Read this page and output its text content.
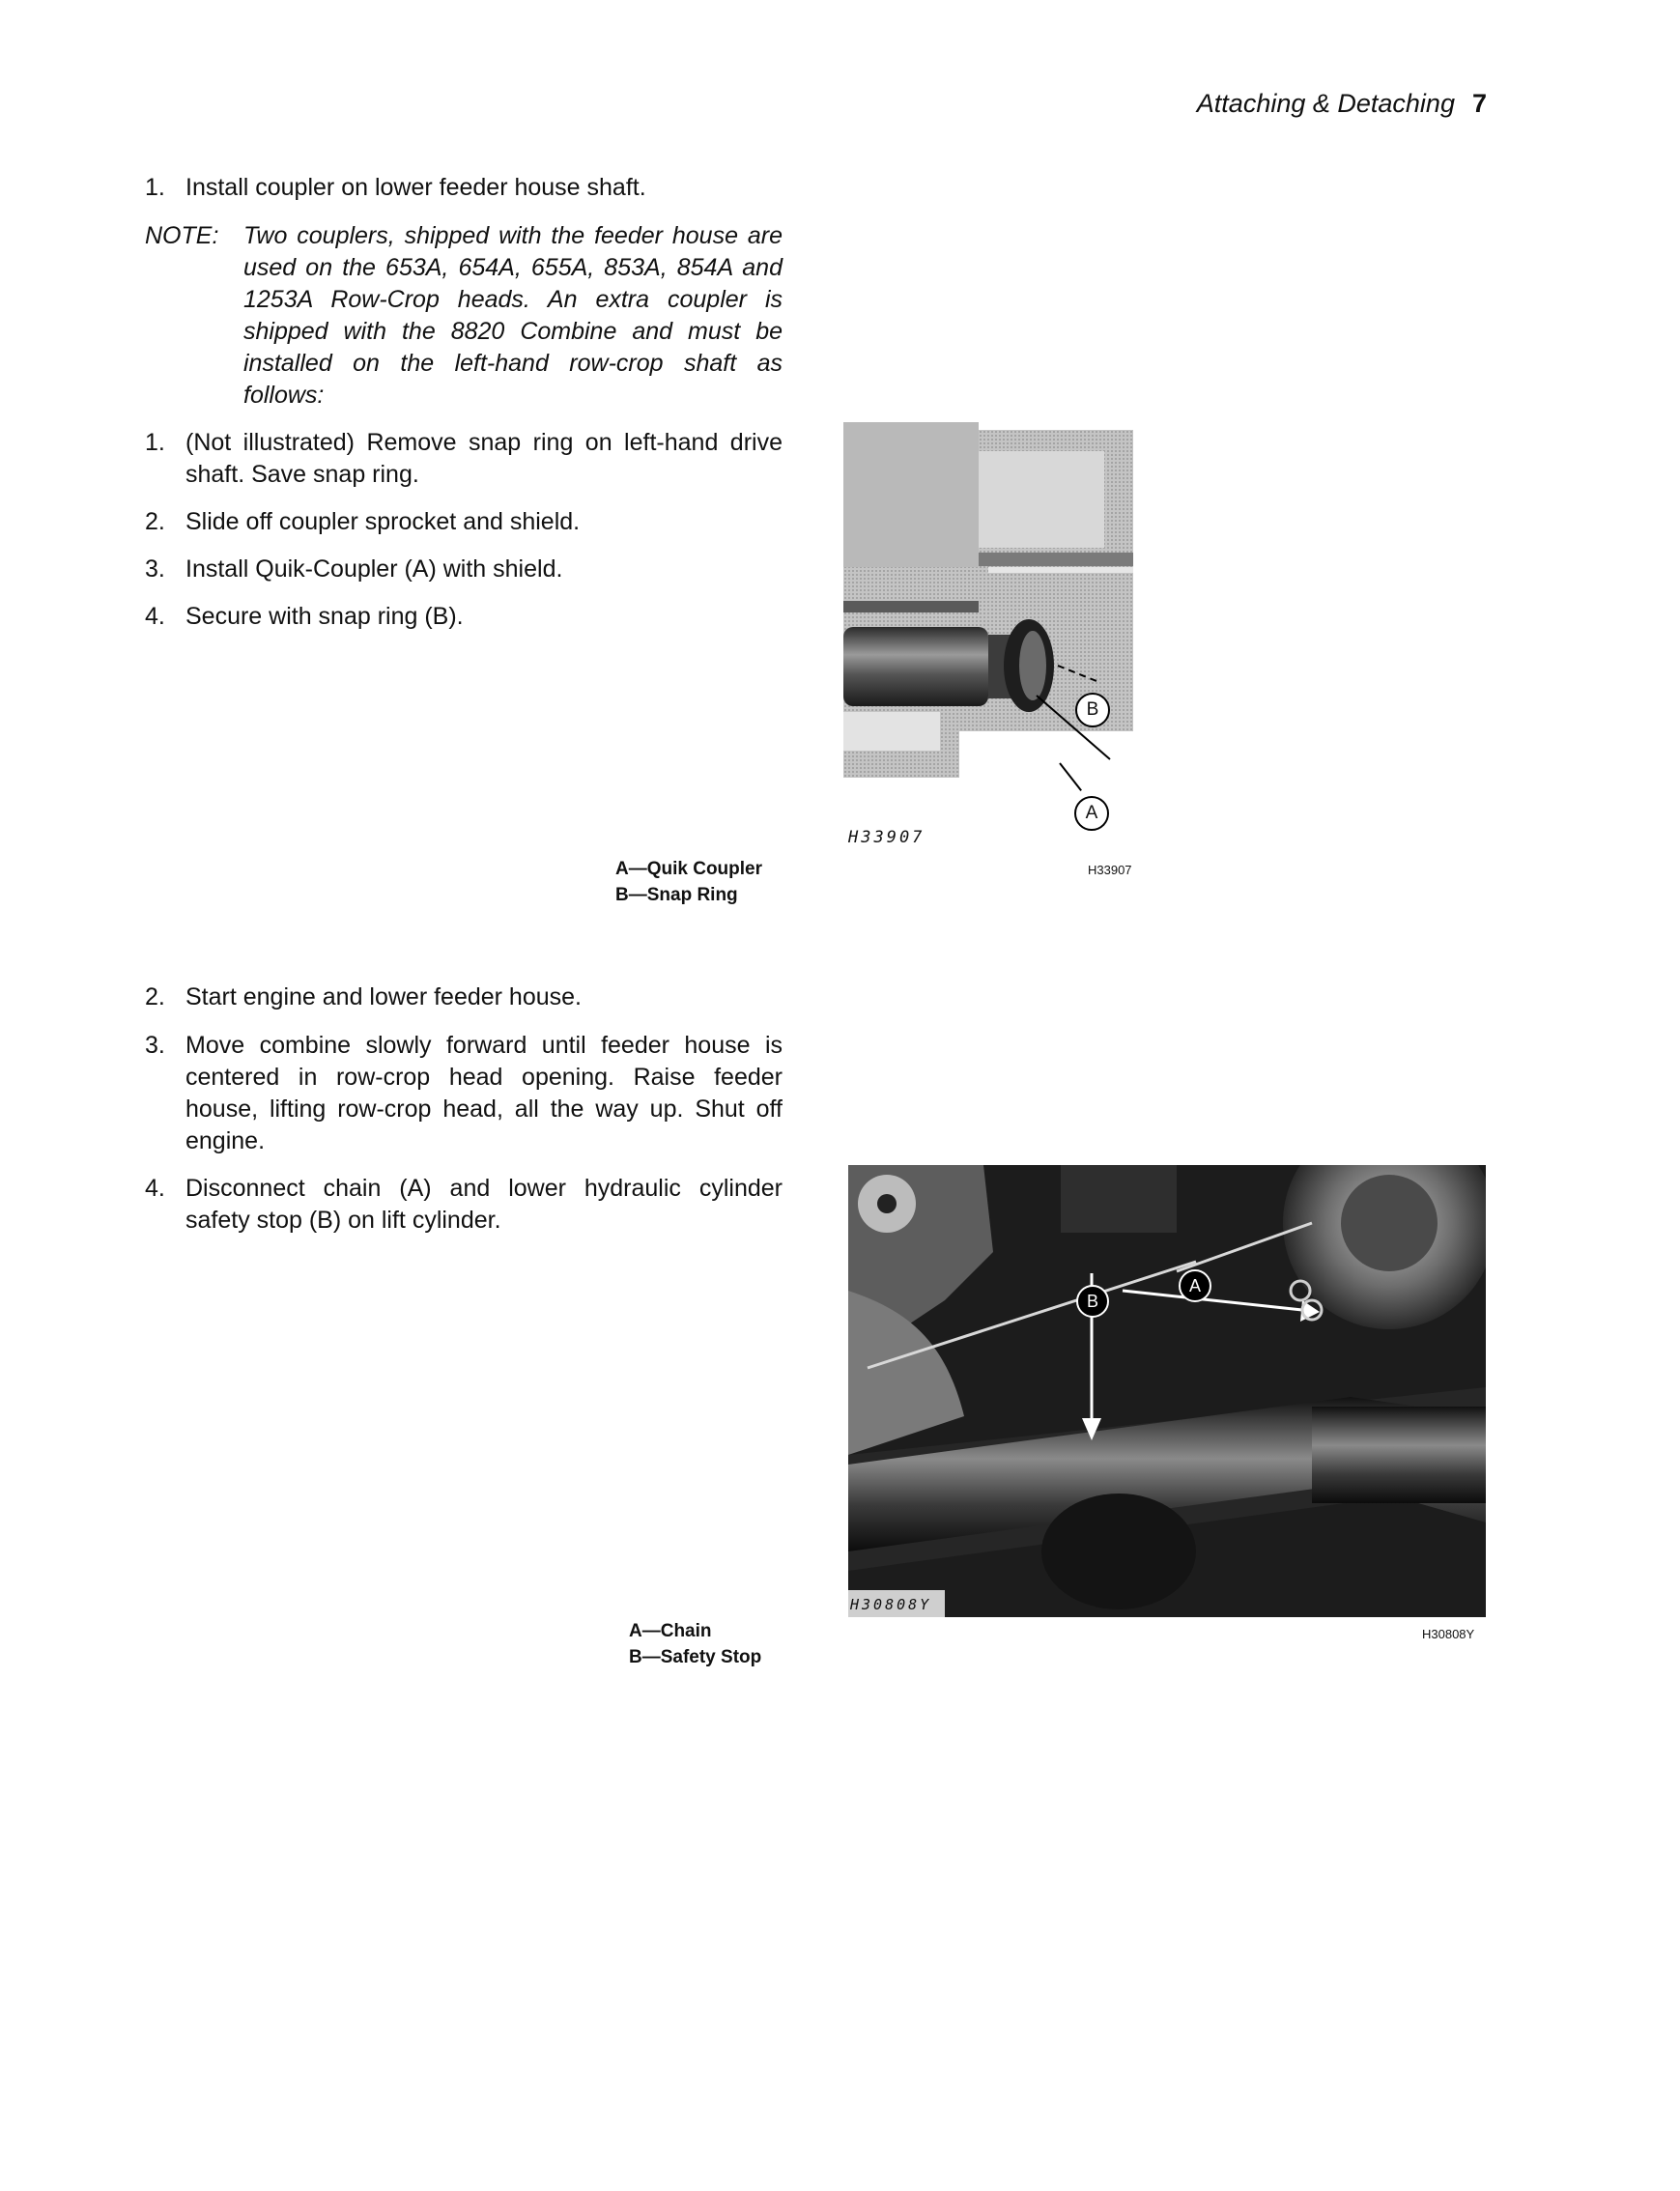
Attaching & Detaching 7
1. Install coupler on lower feeder house shaft.
NOTE:	Two couplers, shipped with the feeder house are used on the 653A, 654A, 655A, 853A, 854A and 1253A Row-Crop heads. An extra coupler is shipped with the 8820 Combine and must be installed on the left-hand row-crop shaft as follows:
1. (Not illustrated) Remove snap ring on left-hand drive shaft. Save snap ring.
2. Slide off coupler sprocket and shield.
3. Install Quik-Coupler (A) with shield.
4. Secure with snap ring (B).
B
A
H33907
H33907
A—Quik Coupler
B—Snap Ring
2. Start engine and lower feeder house.
3. Move combine slowly forward until feeder house is centered in row-crop head opening. Raise feeder house, lifting row-crop head, all the way up. Shut off engine.
4. Disconnect chain (A) and lower hydraulic cylinder safety stop (B) on lift cylinder.
A
B
H30808Y
H30808Y
A—Chain
B—Safety Stop
